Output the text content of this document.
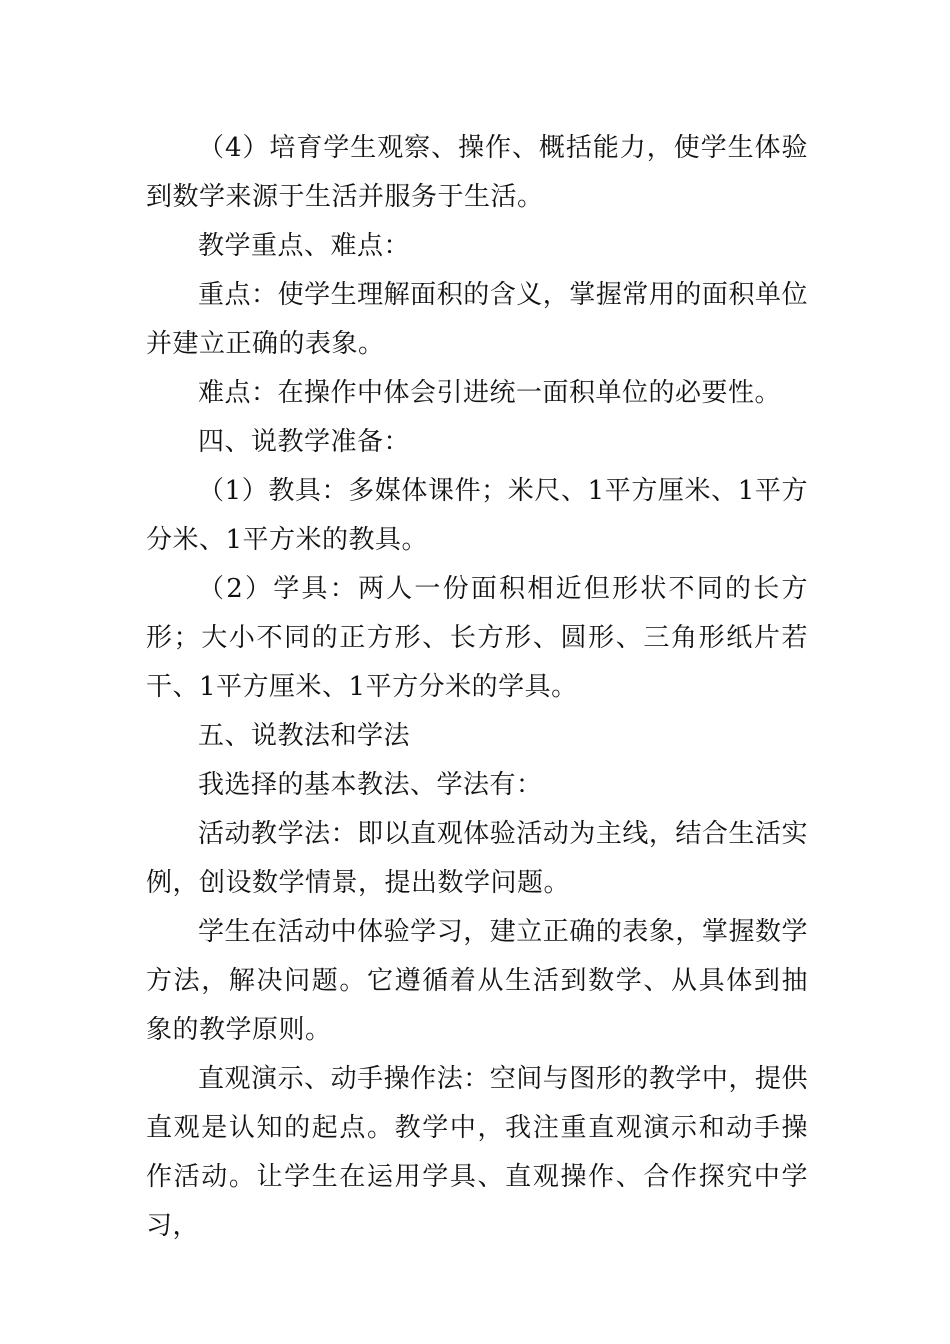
（4）培育学生观察、操作、概括能力，使学生体验到数学来源于生活并服务于生活。

教学重点、难点：

重点：使学生理解面积的含义，掌握常用的面积单位并建立正确的表象。

难点：在操作中体会引进统一面积单位的必要性。

四、说教学准备：

（1）教具：多媒体课件；米尺、1平方厘米、1平方分米、1平方米的教具。

（2）学具：两人一份面积相近但形状不同的长方形；大小不同的正方形、长方形、圆形、三角形纸片若干、1平方厘米、1平方分米的学具。

五、说教法和学法

我选择的基本教法、学法有：

活动教学法：即以直观体验活动为主线，结合生活实例，创设数学情景，提出数学问题。

学生在活动中体验学习，建立正确的表象，掌握数学方法，解决问题。它遵循着从生活到数学、从具体到抽象的教学原则。

直观演示、动手操作法：空间与图形的教学中，提供直观是认知的起点。教学中，我注重直观演示和动手操作活动。让学生在运用学具、直观操作、合作探究中学习，
